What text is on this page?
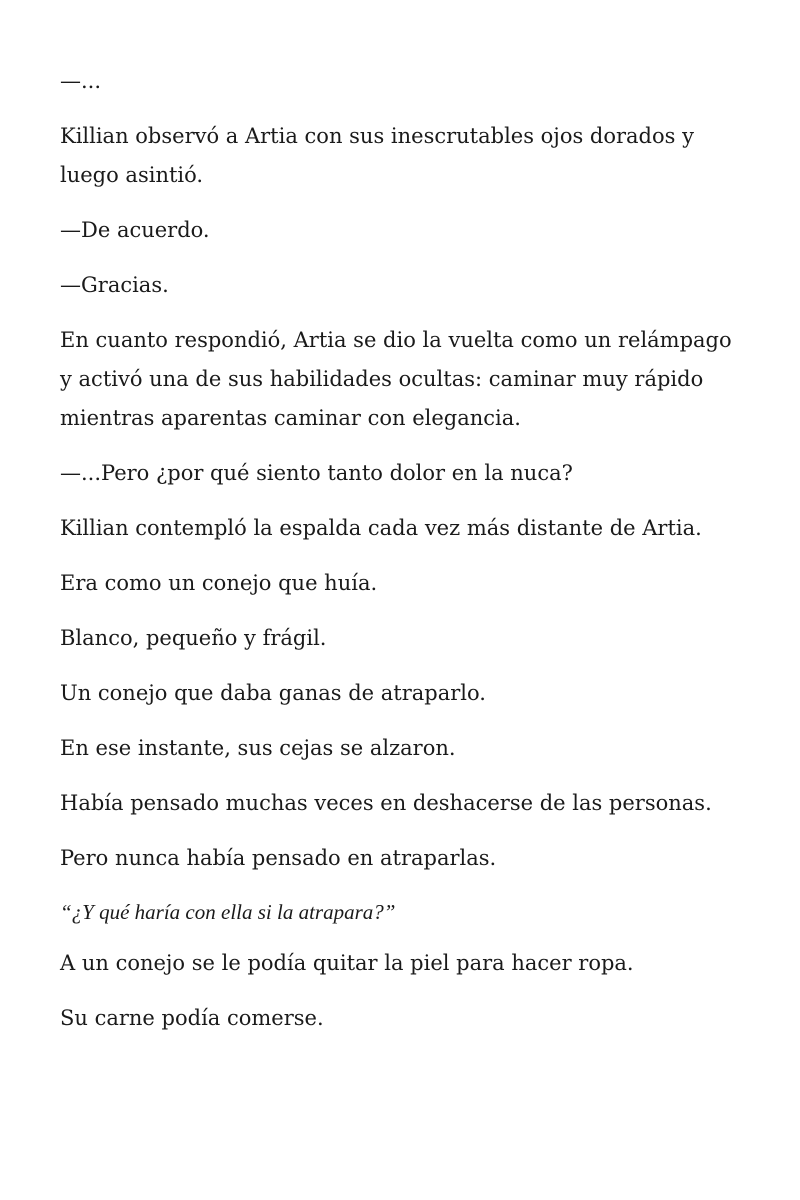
—...

Killian observó a Artia con sus inescrutables ojos dorados y luego asintió.

—De acuerdo.

—Gracias.

En cuanto respondió, Artia se dio la vuelta como un relámpago y activó una de sus habilidades ocultas: caminar muy rápido mientras aparentas caminar con elegancia.

—...Pero ¿por qué siento tanto dolor en la nuca?

Killian contempló la espalda cada vez más distante de Artia.

Era como un conejo que huía.

Blanco, pequeño y frágil.

Un conejo que daba ganas de atraparlo.

En ese instante, sus cejas se alzaron.

Había pensado muchas veces en deshacerse de las personas.

Pero nunca había pensado en atraparlas.

“¿Y qué haría con ella si la atrapara?”

A un conejo se le podía quitar la piel para hacer ropa.

Su carne podía comerse.
